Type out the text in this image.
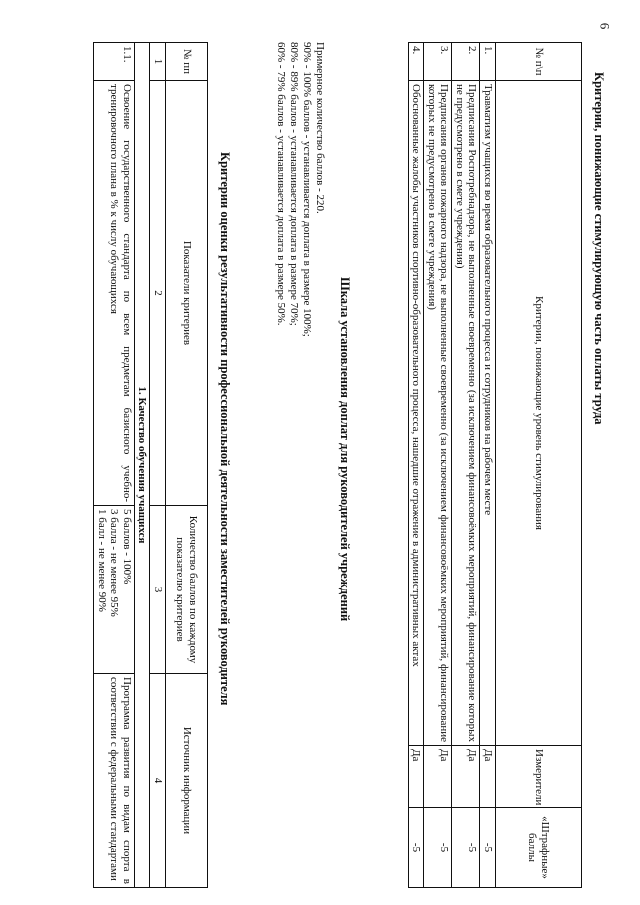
6
Критерии, понижающие стимулирующую часть оплаты труда
№ п\п	Критерии, понижающие уровень стимулирования	Измерители	«Штрафные» баллы
1.	Травматизм учащихся во время образовательного процесса и сотрудников на рабочем месте	Да	-5
2.	Предписания Роспотребнадзора, не выполненные своевременно (за исключением финансовоёмких мероприятий, финансирование которых не предусмотрено в смете учреждения)	Да	-5
3.	Предписания органов пожарного надзора, не выполненные своевременно (за исключением финансовоёмких мероприятий, финансирование которых не предусмотрено в смете учреждения)	Да	-5
4.	Обоснованные жалобы участников спортивно-образовательного процесса, нашедшие отражение в административных актах	Да	-5
Шкала установления доплат для руководителей учреждений
Примерное количество баллов - 220.
90% - 100% баллов - устанавливается доплата в размере 100%;
80% - 89% баллов - устанавливается доплата в размере 70%;
60% - 79% баллов - устанавливается доплата в размере 50%.
Критерии оценки результативности профессиональной деятельности заместителей руководителя
№ пп	Показатели критериев	Количество баллов по каждому показателю критериев	Источник информации
1	2	3	4
1. Качество обучения учащихся			
1.1.	Освоение государственного стандарта по всем предметам базисного учебно-тренировочного плана в % к числу обучающихся	5 баллов - 100%
3 балла - не менее 95%
1 балл - не менее 90%	Программа развития по видам спорта в соответствии с федеральными стандартами
